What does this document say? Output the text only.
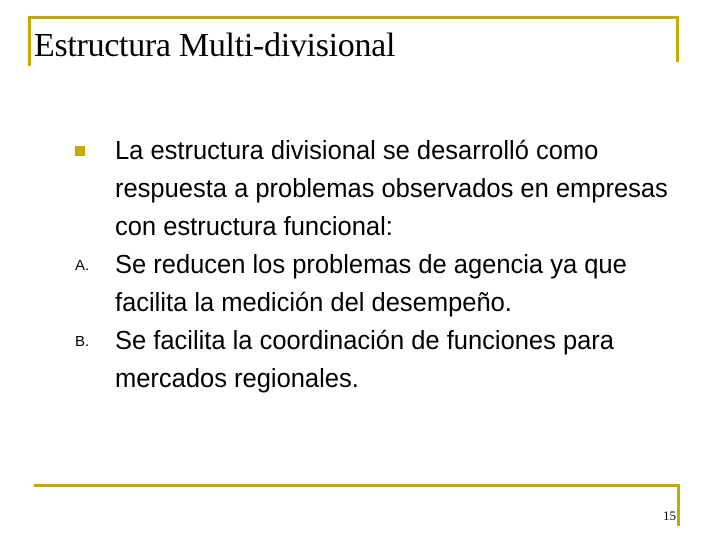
Estructura Multi-divisional
La estructura divisional se desarrolló como respuesta a problemas observados en empresas con estructura funcional:
A. Se reducen los problemas de agencia ya que facilita la medición del desempeño.
B. Se facilita la coordinación de funciones para mercados regionales.
15
